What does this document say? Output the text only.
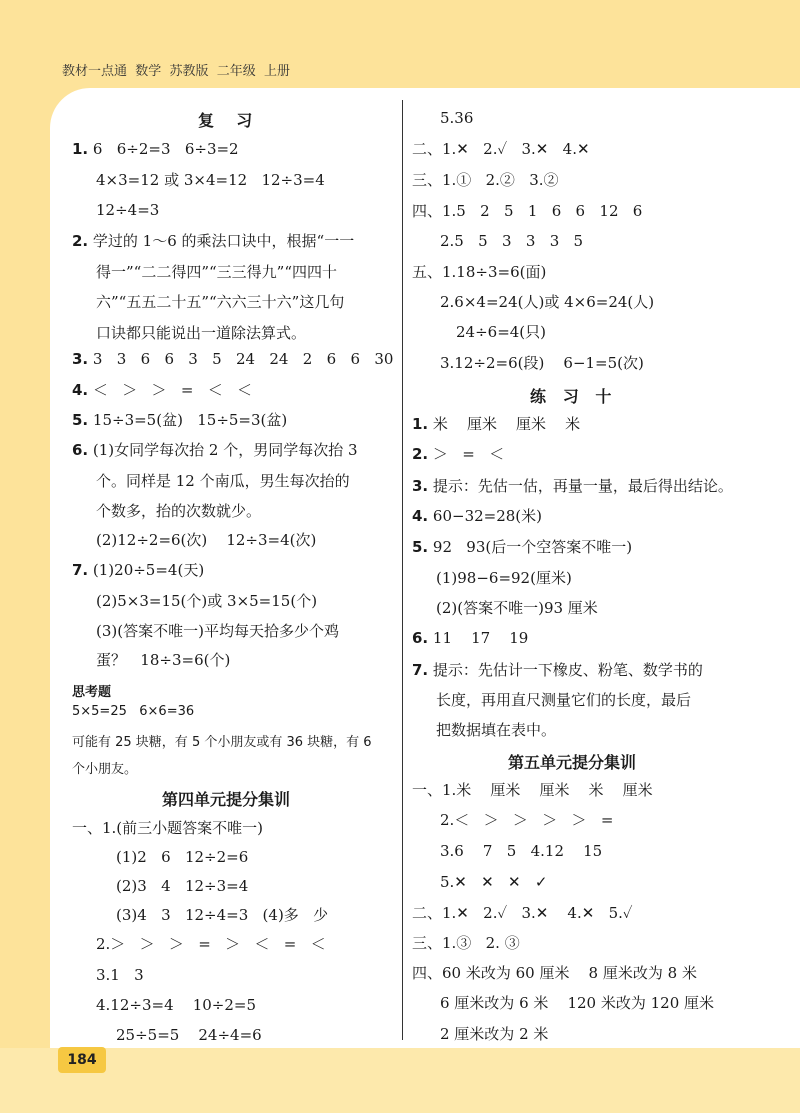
教材一点通  数学  苏教版  二年级  上册
复    习
1. 6   6÷2=3   6÷3=2
4×3=12 或 3×4=12   12÷3=4
12÷4=3
2. 学过的 1～6 的乘法口诀中，根据“一一
得一”“二二得四”“三三得九”“四四十
六”“五五二十五”“六六三十六”这几句
口诀都只能说出一道除法算式。
3. 3   3   6   6   3   5   24   24   2   6   6   30
4. ＜   ＞   ＞   =   ＜   ＜
5. 15÷3=5(盆)   15÷5=3(盆)
6. (1)女同学每次抬 2 个，男同学每次抬 3
个。同样是 12 个南瓜，男生每次抬的
个数多，抬的次数就少。
(2)12÷2=6(次)    12÷3=4(次)
7. (1)20÷5=4(天)
(2)5×3=15(个)或 3×5=15(个)
(3)(答案不唯一)平均每天拾多少个鸡
蛋？   18÷3=6(个)
思考题
5×5=25   6×6=36
可能有 25 块糖，有 5 个小朋友或有 36 块糖，有 6
个小朋友。
第四单元提分集训
一、1.(前三小题答案不唯一)
(1)2   6   12÷2=6
(2)3   4   12÷3=4
(3)4   3   12÷4=3   (4)多   少
2.＞   ＞   ＞   =   ＞   ＜   =   ＜
3.1   3
4.12÷3=4    10÷2=5
25÷5=5    24÷4=6
5.36
二、1.✕   2.✓   3.✕   4.✕
三、1.①   2.②   3.②
四、1.5   2   5   1   6   6   12   6
2.5   5   3   3   3   5
五、1.18÷3=6(面)
2.6×4=24(人)或 4×6=24(人)
24÷6=4(只)
3.12÷2=6(段)    6−1=5(次)
练   习   十
1. 米    厘米    厘米    米
2. ＞   =   ＜
3. 提示：先估一估，再量一量，最后得出结论。
4. 60−32=28(米)
5. 92   93(后一个空答案不唯一)
(1)98−6=92(厘米)
(2)(答案不唯一)93 厘米
6. 11    17    19
7. 提示：先估计一下橡皮、粉笔、数学书的
长度，再用直尺测量它们的长度，最后
把数据填在表中。
第五单元提分集训
一、1.米    厘米    厘米    米    厘米
2.＜   ＞   ＞   ＞   ＞   =
3.6    7   5   4.12    15
5.✕   ✕   ✕   ✓
二、1.✕   2.✓   3.✕    4.✕   5.✓
三、1.③   2. ③
四、60 米改为 60 厘米    8 厘米改为 8 米
6 厘米改为 6 米    120 米改为 120 厘米
2 厘米改为 2 米
184
